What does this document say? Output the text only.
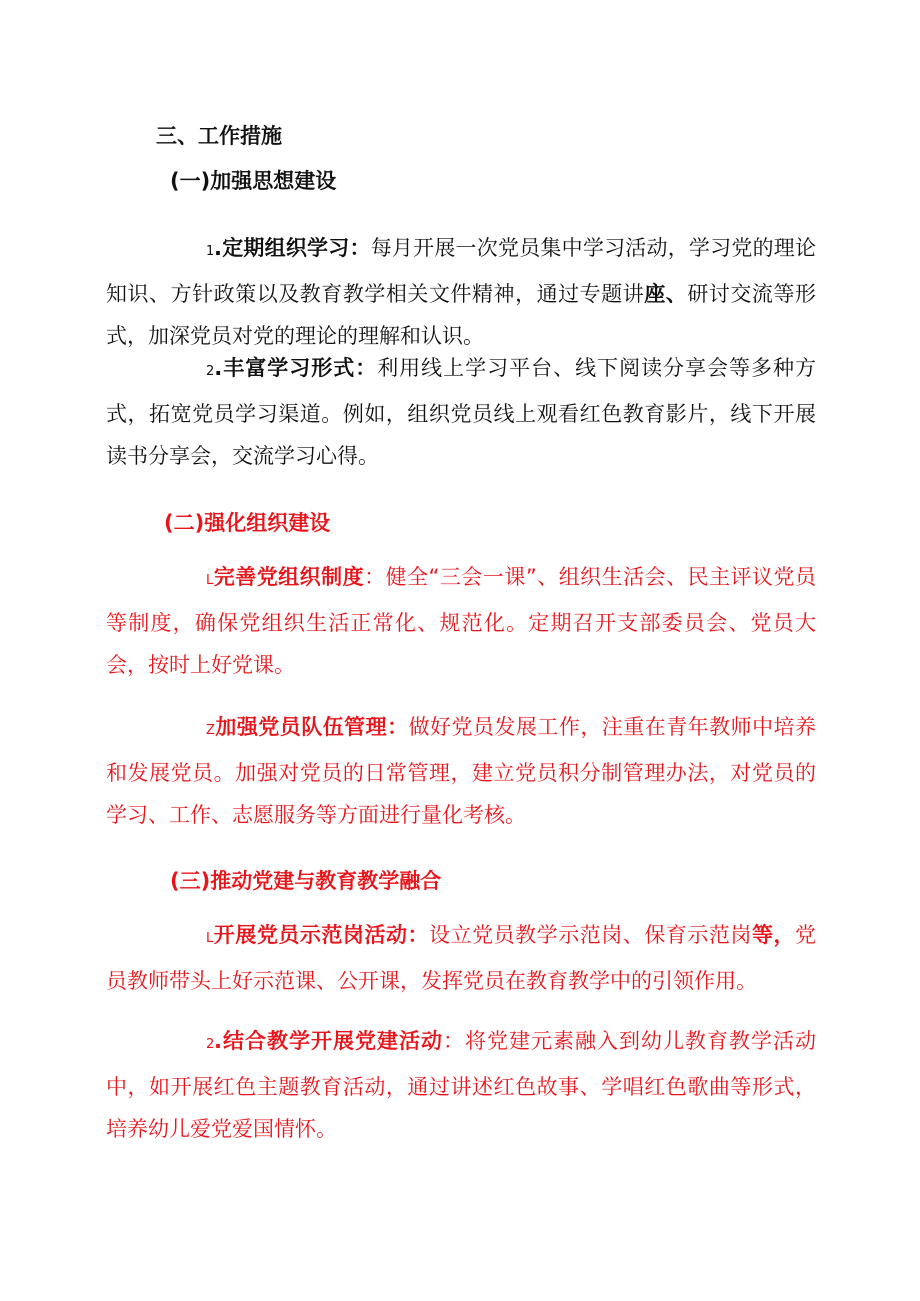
三、工作措施
(一)加强思想建设
1.定期组织学习：每月开展一次党员集中学习活动，学习党的理论知识、方针政策以及教育教学相关文件精神，通过专题讲座、研讨交流等形式，加深党员对党的理论的理解和认识。
2.丰富学习形式：利用线上学习平台、线下阅读分享会等多种方式，拓宽党员学习渠道。例如，组织党员线上观看红色教育影片，线下开展读书分享会，交流学习心得。
(二)强化组织建设
L完善党组织制度：健全“三会一课”、组织生活会、民主评议党员等制度，确保党组织生活正常化、规范化。定期召开支部委员会、党员大会，按时上好党课。
Z加强党员队伍管理：做好党员发展工作，注重在青年教师中培养和发展党员。加强对党员的日常管理，建立党员积分制管理办法，对党员的学习、工作、志愿服务等方面进行量化考核。
(三)推动党建与教育教学融合
L开展党员示范岗活动：设立党员教学示范岗、保育示范岗等，党员教师带头上好示范课、公开课，发挥党员在教育教学中的引领作用。
2.结合教学开展党建活动：将党建元素融入到幼儿教育教学活动中，如开展红色主题教育活动，通过讲述红色故事、学唱红色歌曲等形式，培养幼儿爱党爱国情怀。
